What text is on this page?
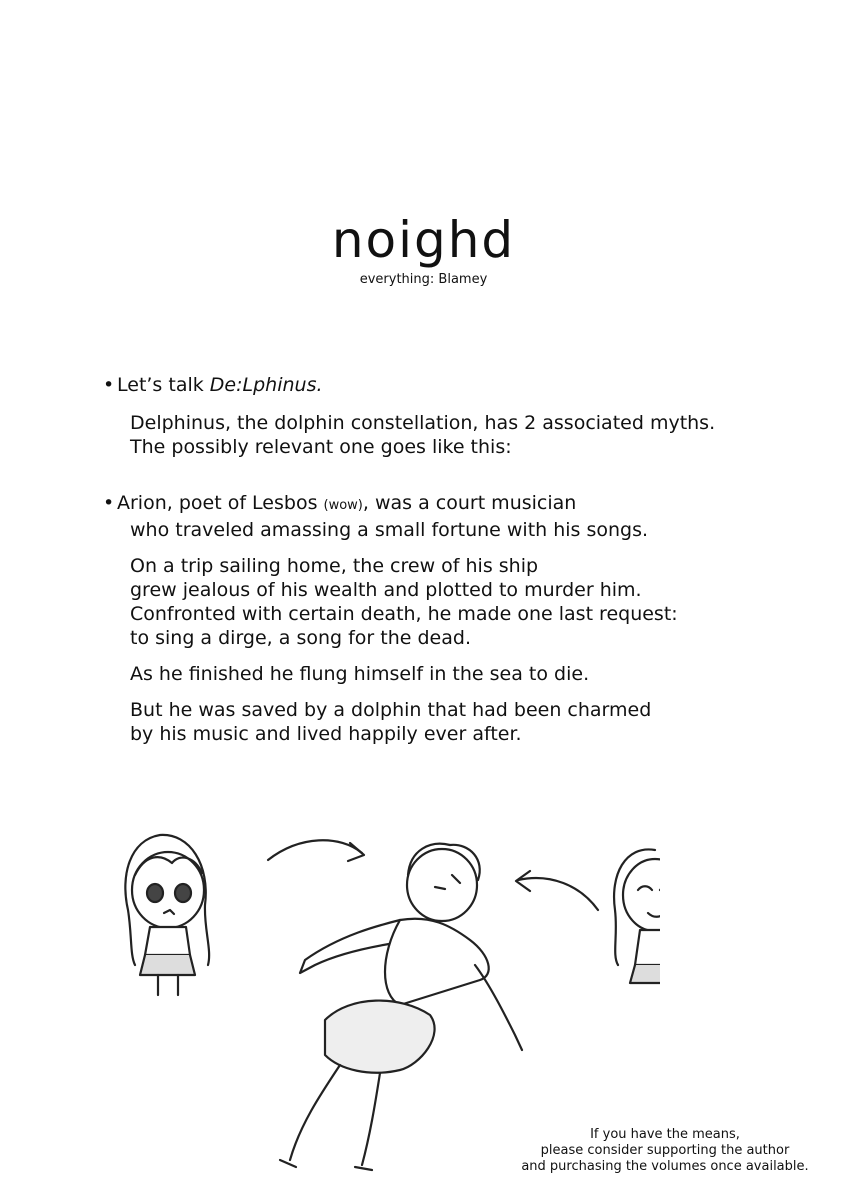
noighd
everything: Blamey
• Let’s talk De:Lphinus.
Delphinus, the dolphin constellation, has 2 associated myths.
The possibly relevant one goes like this:
• Arion, poet of Lesbos (wow), was a court musician
who traveled amassing a small fortune with his songs.
On a trip sailing home, the crew of his ship
grew jealous of his wealth and plotted to murder him.
Confronted with certain death, he made one last request:
to sing a dirge, a song for the dead.
As he finished he flung himself in the sea to die.
But he was saved by a dolphin that had been charmed
by his music and lived happily ever after.
If you have the means,
please consider supporting the author
and purchasing the volumes once available.
